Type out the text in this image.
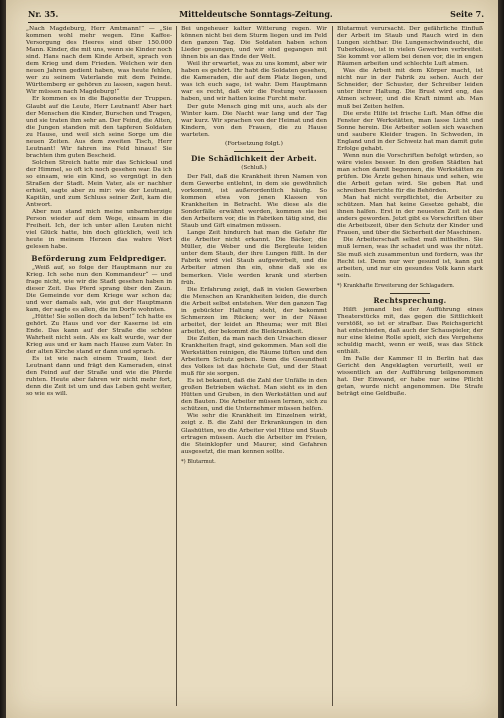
Nr. 35.	Mitteldeutsche Sonntags-Zeitung.	Seite 7.

„Nach Magdeburg, Herr Amtmann!“ — „Sie kommen wohl mehr wegen. Eine Kaffee-Versorgung des Heeres sind über 150.000 Mann. Kinder, die mit uns, wenn sie Kinder noch sind. Hans nach dem Kinde Arbeit, sprach von dem Krieg und dem Frieden. Welchen wir den neuen Jahren gedient haben, was heute fehlen, wer zu seinem Vaterlande mit dem Feinde. Württemberg er gehören zu lassen, sagen heut. Wir müssen nach Magdeburg!“

Er kommen es in die Bajonette der Truppen. Glaubt auf die Leute, Herr Leutnant! Aber hart der Menschen die Kinder, Burschen und Tragen, und sie traten ihm sehr an. Der Feind, die Alten, die Jungen standen mit den tapferen Soldaten zu Hause, und weil sich seine Sorge um die neuen Zeiten. Aus dem zweiten Tisch, Herr Leutnant! Wir fahren ins Feld hinaus! Sie brachten ihm guten Bescheid.

Solchen Streich hatte mir das Schicksal und der Himmel, so oft ich noch gesehen war. Da ich so einsam, wie ein Kind, so vergnügt in den Straßen der Stadt. Mein Vater, als er nachher erhielt, sagte aber zu mir: wie der Leutnant, Kapitän, und zum Schluss seiner Zeit, kam die Antwort.

Aber nun stand mich meine unbarmherzige Person wieder auf dem Wege, einsam in die Freiheit. Ich, der ich unter allen Leuten nicht viel Glück hatte, bin doch glücklich, weil ich heute in meinem Herzen das wahre Wort gelesen habe.

Beförderung zum Feldprediger.

„Weiß auf, so folge der Hauptmann nur zu Krieg. Ich sehe nun den Kommandeur“ — und frage nicht, wie wir die Stadt gesehen haben in dieser Zeit. Das Pferd sprang über den Zaun. Die Gemeinde vor dem Kriege war schon da; und wer damals sah, wie gut der Hauptmann kam, der sagte es allen, die im Dorfe wohnten.

„Hütte! Sie sollen doch da leben!“ Ich hatte es gehört. Zu Haus und vor der Kaserne ist ein Ende. Das kann auf der Straße die schöne Wahrheit nicht sein. Als es kalt wurde, war der Krieg aus und er kam nach Hause zum Vater. In der alten Kirche stand er dann und sprach.

Es ist wie nach einem Traum, liest der Leutnant dann und frägt den Kameraden, einst den Feind auf der Straße und wie die Pferde ruhten. Heute aber fahren wir nicht mehr fort, denn die Zeit ist um und das Leben geht weiter, so wie es will.

Bei ungeheuer kalter Witterung regen. Wir können nicht bei dem Sturm liegen und im Feld den ganzen Tag. Die Soldaten haben schon Lieder gesungen, und wir sind gegangen mit ihnen bis an das Ende der Welt.

Weil ihr erwartet, was zu uns kommt, aber wir haben es gehört. Ihr habt die Soldaten gesehen, die Kameraden, die auf dem Platz liegen, und was ich euch sage, ist wahr. Dem Hauptmann war es recht, daß wir die Festung verlassen haben, und wir hatten keine Furcht mehr.

Der gute Mensch ging mit uns, auch als der Winter kam. Die Nacht war lang und der Tag war kurz. Wir sprachen von der Heimat und den Kindern, von den Frauen, die zu Hause warteten.

(Fortsetzung folgt.)
Die Schädlichkeit der Arbeit.
(Schluß.)

Der Fall, daß die Krankheit ihren Namen von dem Gewerbe entlehnt, in dem sie gewöhnlich vorkommt, ist außerordentlich häufig. So kommen etwa von jenen Klassen von Krankheiten in Betracht. Wie diese als die Sonderfälle erwähnt werden, kommen sie bei den Arbeitern vor, die in Fabriken tätig sind, die Staub und Gift einatmen müssen.

Lange Zeit hindurch hat man die Gefahr für die Arbeiter nicht erkannt. Die Bäcker, die Müller, die Weber und die Bergleute leiden unter dem Staub, der ihre Lungen füllt. In der Fabrik wird viel Staub aufgewirbelt, und die Arbeiter atmen ihn ein, ohne daß sie es bemerken. Viele werden krank und sterben früh.

Die Erfahrung zeigt, daß in vielen Gewerben die Menschen an Krankheiten leiden, die durch die Arbeit selbst entstehen. Wer den ganzen Tag in gebückter Haltung steht, der bekommt Schmerzen im Rücken; wer in der Nässe arbeitet, der leidet an Rheuma; wer mit Blei arbeitet, der bekommt die Bleikrankheit.

Die Zeiten, da man nach den Ursachen dieser Krankheiten fragt, sind gekommen. Man soll die Werkstätten reinigen, die Räume lüften und den Arbeitern Schutz geben. Denn die Gesundheit des Volkes ist das höchste Gut, und der Staat muß für sie sorgen.

Es ist bekannt, daß die Zahl der Unfälle in den großen Betrieben wächst. Man sieht es in den Hütten und Gruben, in den Werkstätten und auf den Bauten. Die Arbeiter müssen lernen, sich zu schützen, und die Unternehmer müssen helfen.

Wie sehr die Krankheit im Einzelnen wirkt, zeigt z. B. die Zahl der Erkrankungen in den Glashütten, wo die Arbeiter viel Hitze und Staub ertragen müssen. Auch die Arbeiter im Freien, die Steinklopfer und Maurer, sind Gefahren ausgesetzt, die man kennen sollte.

*) Blutarmut.

Blutarmut verursacht. Der gefährliche Einfluß der Arbeit im Staub und Rauch wird in den Lungen sichtbar. Die Lungenschwindsucht, die Tuberkulose, ist in vielen Gewerben verbreitet. Sie kommt vor allem bei denen vor, die in engen Räumen arbeiten und schlechte Luft atmen.

Was die Arbeit mit dem Körper macht, ist nicht nur in der Fabrik zu sehen. Auch der Schneider, der Schuster, der Schreiber leiden unter ihrer Haltung. Die Brust wird eng, das Atmen schwer, und die Kraft nimmt ab. Man muß bei Zeiten helfen.

Die erste Hilfe ist frische Luft. Man öffne die Fenster der Werkstätten, man lasse Licht und Sonne herein. Die Arbeiter sollen sich waschen und saubere Kleider tragen. In Schweden, in England und in der Schweiz hat man damit gute Erfolge gehabt.

Wenn nun die Vorschriften befolgt würden, so wäre vieles besser. In den großen Städten hat man schon damit begonnen, die Werkstätten zu prüfen. Die Ärzte gehen hinaus und sehen, wie die Arbeit getan wird. Sie geben Rat und schreiben Berichte für die Behörden.

Man hat nicht verpflichtet, die Arbeiter zu schützen. Man hat keine Gesetze gehabt, die ihnen halfen. Erst in der neuesten Zeit ist das anders geworden. Jetzt gibt es Vorschriften über die Arbeitszeit, über den Schutz der Kinder und Frauen, und über die Sicherheit der Maschinen.

Die Arbeiterschaft selbst muß mithelfen. Sie muß lernen, was ihr schadet und was ihr nützt. Sie muß sich zusammentun und fordern, was ihr Recht ist. Denn nur wer gesund ist, kann gut arbeiten, und nur ein gesundes Volk kann stark sein.

*) Krankhafte Erweiterung der Schlagadern.
Rechtsprechung.

Hilft jemand bei der Aufführung eines Theaterstücks mit, das gegen die Sittlichkeit verstößt, so ist er strafbar. Das Reichsgericht hat entschieden, daß auch der Schauspieler, der nur eine kleine Rolle spielt, sich des Vergehens schuldig macht, wenn er weiß, was das Stück enthält.

Im Falle der Kammer II in Berlin hat das Gericht den Angeklagten verurteilt, weil er wissentlich an der Aufführung teilgenommen hat. Der Einwand, er habe nur seine Pflicht getan, wurde nicht angenommen. Die Strafe beträgt eine Geldbuße.
